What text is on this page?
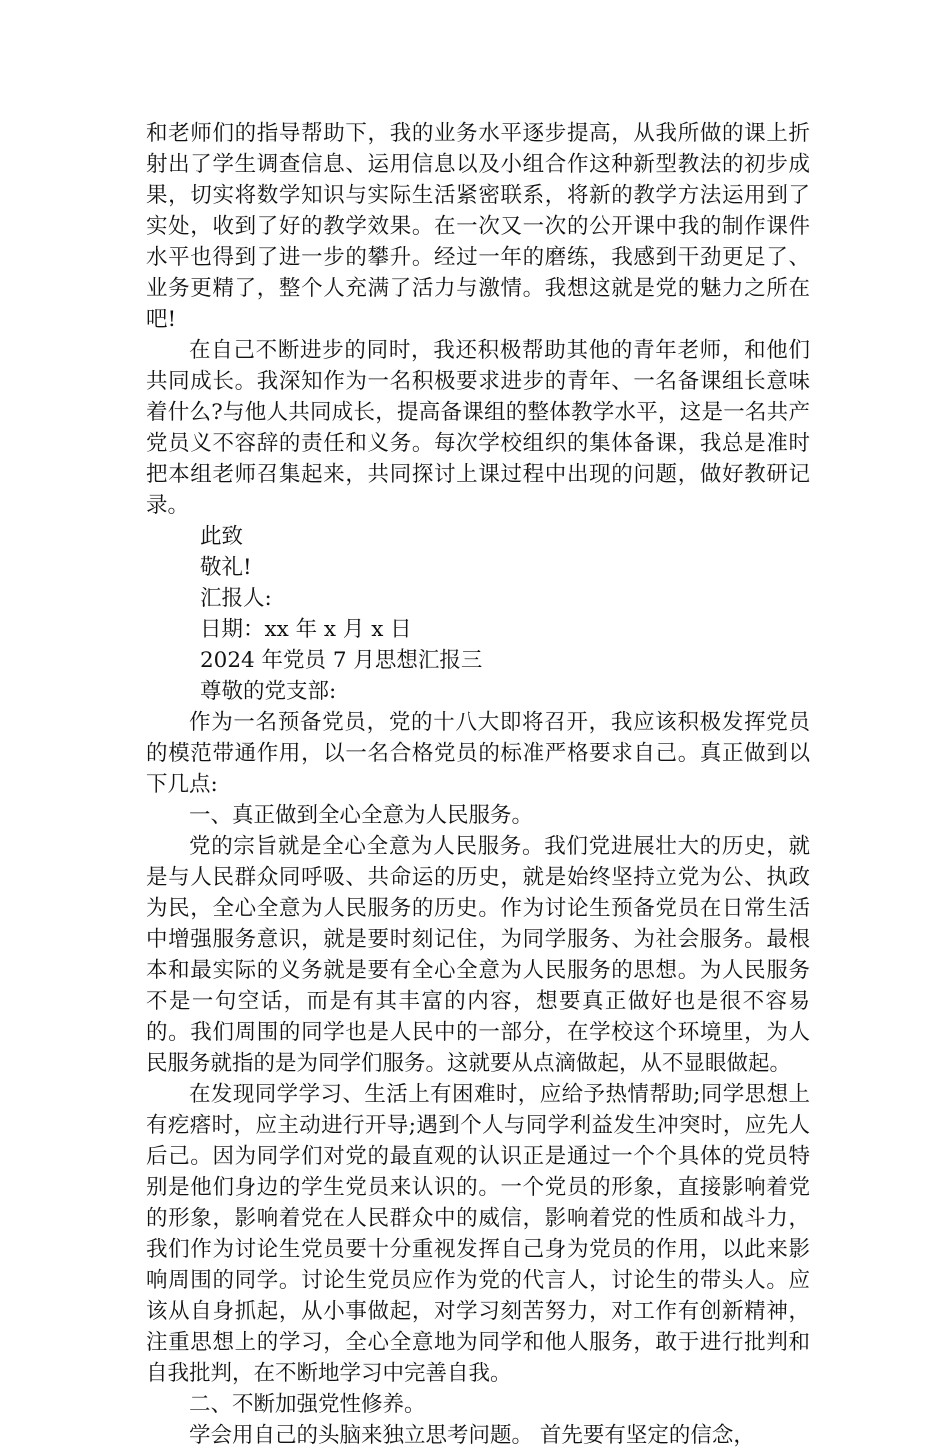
和老师们的指导帮助下，我的业务水平逐步提高，从我所做的课上折射出了学生调查信息、运用信息以及小组合作这种新型教法的初步成果，切实将数学知识与实际生活紧密联系，将新的教学方法运用到了实处，收到了好的教学效果。在一次又一次的公开课中我的制作课件水平也得到了进一步的攀升。经过一年的磨练，我感到干劲更足了、业务更精了，整个人充满了活力与激情。我想这就是党的魅力之所在吧!

在自己不断进步的同时，我还积极帮助其他的青年老师，和他们共同成长。我深知作为一名积极要求进步的青年、一名备课组长意味着什么?与他人共同成长，提高备课组的整体教学水平，这是一名共产党员义不容辞的责任和义务。每次学校组织的集体备课，我总是准时把本组老师召集起来，共同探讨上课过程中出现的问题，做好教研记录。

此致

敬礼!

汇报人:

日期：xx 年 x 月 x 日

2024 年党员 7 月思想汇报三

尊敬的党支部:

作为一名预备党员，党的十八大即将召开，我应该积极发挥党员的模范带通作用，以一名合格党员的标准严格要求自己。真正做到以下几点:

一、真正做到全心全意为人民服务。

党的宗旨就是全心全意为人民服务。我们党进展壮大的历史，就是与人民群众同呼吸、共命运的历史，就是始终坚持立党为公、执政为民，全心全意为人民服务的历史。作为讨论生预备党员在日常生活中增强服务意识，就是要时刻记住，为同学服务、为社会服务。最根本和最实际的义务就是要有全心全意为人民服务的思想。为人民服务不是一句空话，而是有其丰富的内容，想要真正做好也是很不容易的。我们周围的同学也是人民中的一部分，在学校这个环境里，为人民服务就指的是为同学们服务。这就要从点滴做起，从不显眼做起。

在发现同学学习、生活上有困难时，应给予热情帮助;同学思想上有疙瘩时，应主动进行开导;遇到个人与同学利益发生冲突时，应先人后己。因为同学们对党的最直观的认识正是通过一个个具体的党员特别是他们身边的学生党员来认识的。一个党员的形象，直接影响着党的形象，影响着党在人民群众中的威信，影响着党的性质和战斗力，我们作为讨论生党员要十分重视发挥自己身为党员的作用，以此来影响周围的同学。讨论生党员应作为党的代言人，讨论生的带头人。应该从自身抓起，从小事做起，对学习刻苦努力，对工作有创新精神，注重思想上的学习，全心全意地为同学和他人服务，敢于进行批判和自我批判，在不断地学习中完善自我。

二、不断加强党性修养。

学会用自己的头脑来独立思考问题。 首先要有坚定的信念，
